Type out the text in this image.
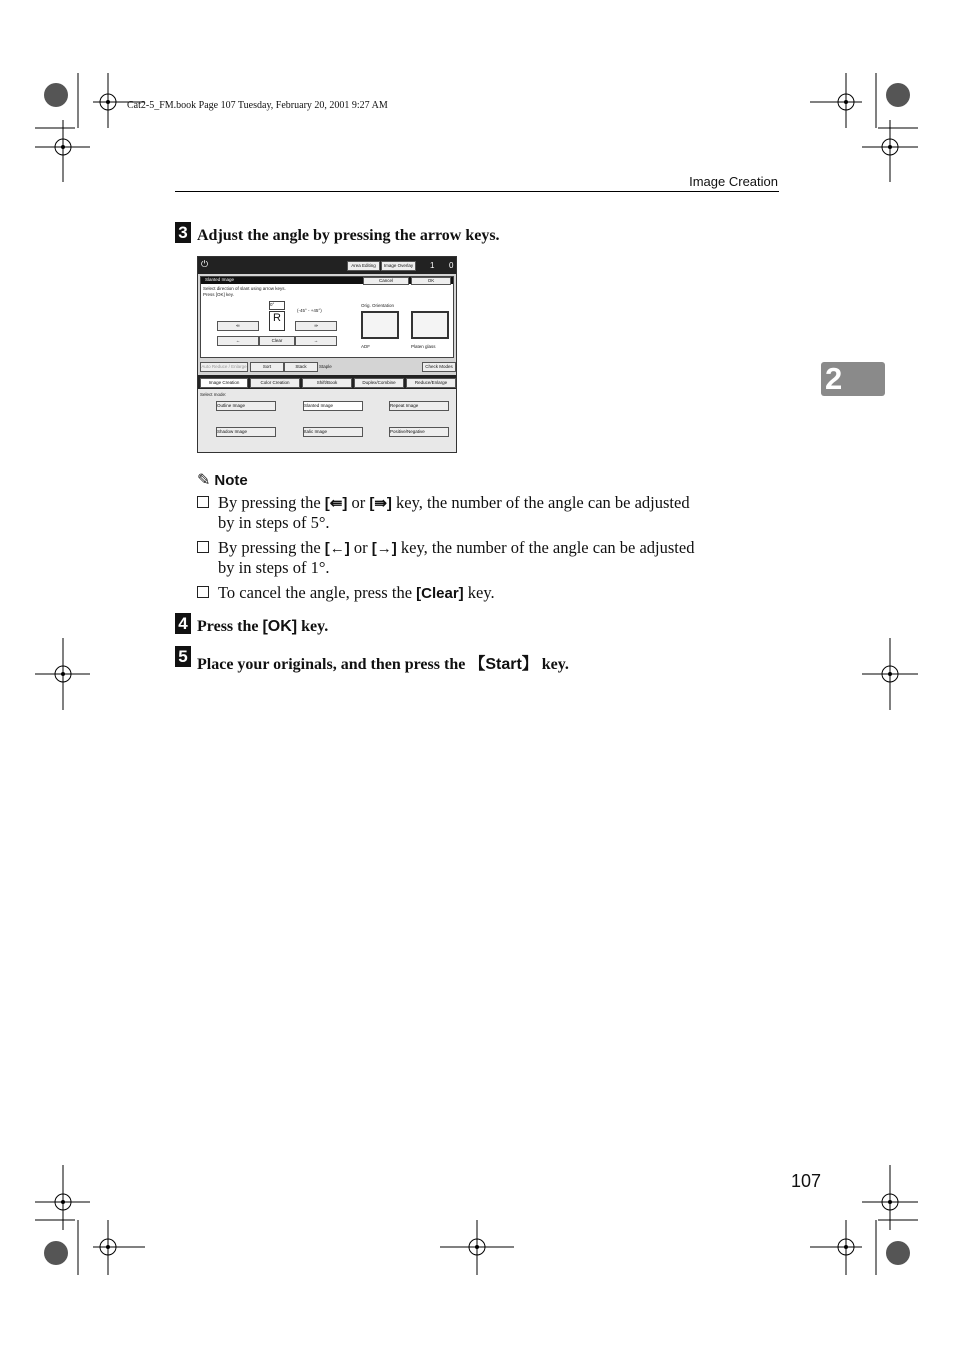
Cat2-5_FM.book Page 107 Tuesday, February 20, 2001 9:27 AM
Image Creation
2
3 Adjust the angle by pressing the arrow keys.
⏻	Area Editing	Image Overlay	1 0
Slanted Image	Cancel	OK
Select direction of slant using arrow keys.
Press [OK] key.
0°
R
(-45° - +45°)
⇚	⇛
←	Clear	→
Orig. Orientation
ADF	Platen glass
Auto Reduce / Enlarge	Sort	Stack	Staple	Check Modes
Image Creation	Color Creation	Shift/Book	Duplex/Combine	Reduce/Enlarge
Select mode:
Outline Image	Slanted Image	Repeat Image
Shadow Image	Italic Image	Positive/Negative
✎ Note
By pressing the [⇚] or [⇛] key, the number of the angle can be adjusted
by in steps of 5°.
By pressing the [←] or [→] key, the number of the angle can be adjusted
by in steps of 1°.
To cancel the angle, press the [Clear] key.
4 Press the [OK] key.
5 Place your originals, and then press the 【Start】 key.
107
